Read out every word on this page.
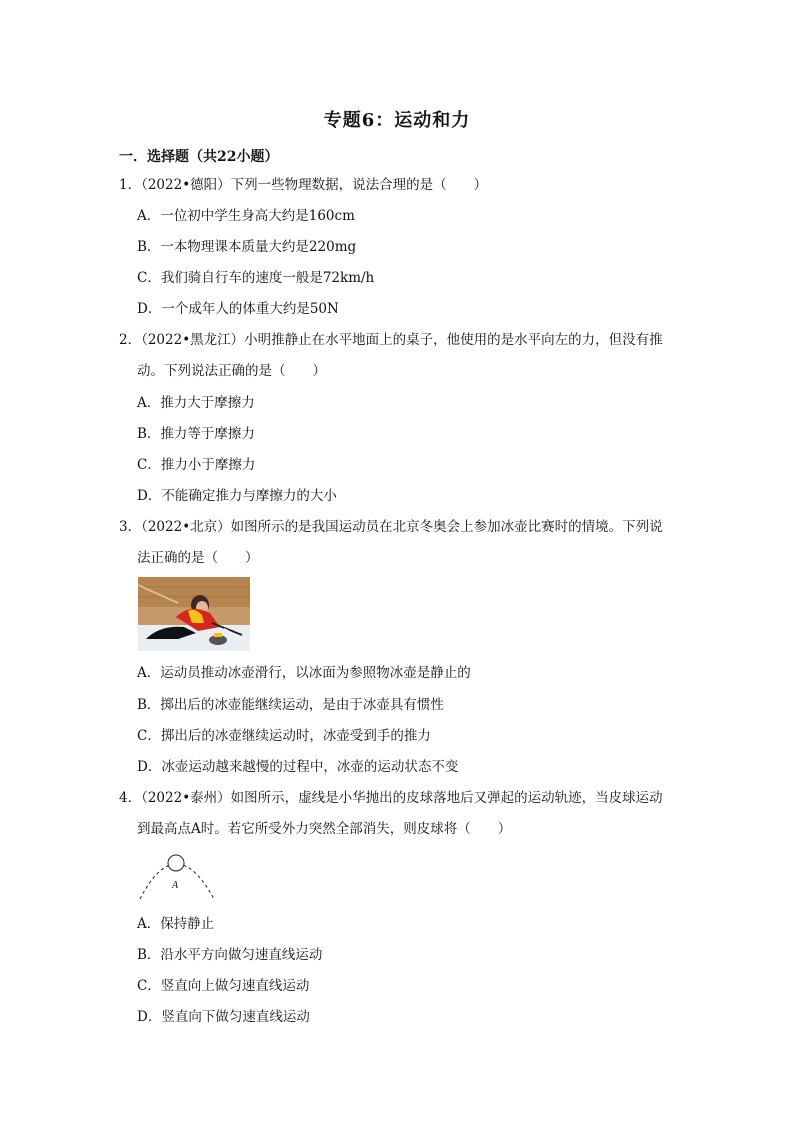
专题6：运动和力
一．选择题（共22小题）
1．（2022•德阳）下列一些物理数据，说法合理的是（　　）
A．一位初中学生身高大约是160cm
B．一本物理课本质量大约是220mg
C．我们骑自行车的速度一般是72km/h
D．一个成年人的体重大约是50N
2．（2022•黑龙江）小明推静止在水平地面上的桌子，他使用的是水平向左的力，但没有推
动。下列说法正确的是（　　）
A．推力大于摩擦力
B．推力等于摩擦力
C．推力小于摩擦力
D．不能确定推力与摩擦力的大小
3．（2022•北京）如图所示的是我国运动员在北京冬奥会上参加冰壶比赛时的情境。下列说
法正确的是（　　）
A．运动员推动冰壶滑行，以冰面为参照物冰壶是静止的
B．掷出后的冰壶能继续运动，是由于冰壶具有惯性
C．掷出后的冰壶继续运动时，冰壶受到手的推力
D．冰壶运动越来越慢的过程中，冰壶的运动状态不变
4．（2022•泰州）如图所示，虚线是小华抛出的皮球落地后又弹起的运动轨迹，当皮球运动
到最高点A时。若它所受外力突然全部消失，则皮球将（　　）
A
A．保持静止
B．沿水平方向做匀速直线运动
C．竖直向上做匀速直线运动
D．竖直向下做匀速直线运动
